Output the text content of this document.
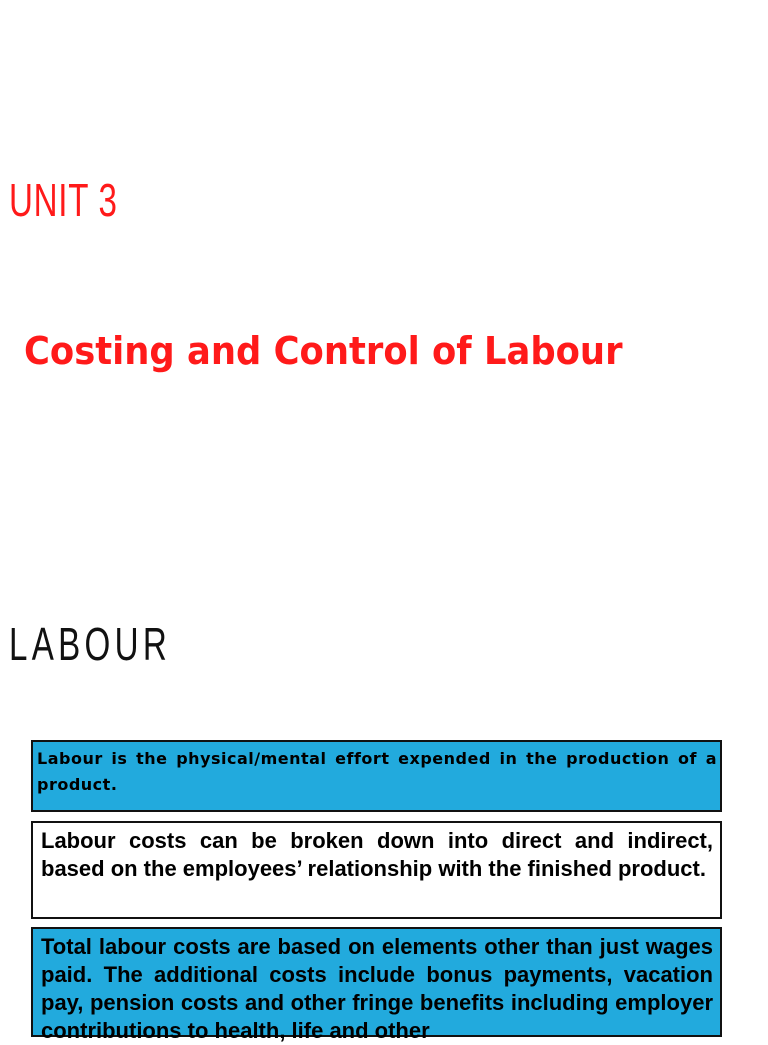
UNIT 3
Costing and Control of Labour
LABOUR

Labour is the physical/mental effort expended in the production of a product.

Labour costs can be broken down into direct and indirect, based on the employees’ relationship with the finished product.

Total labour costs are based on elements other than just wages paid. The additional costs include bonus payments, vacation pay, pension costs and other fringe benefits including employer contributions to health, life and other
